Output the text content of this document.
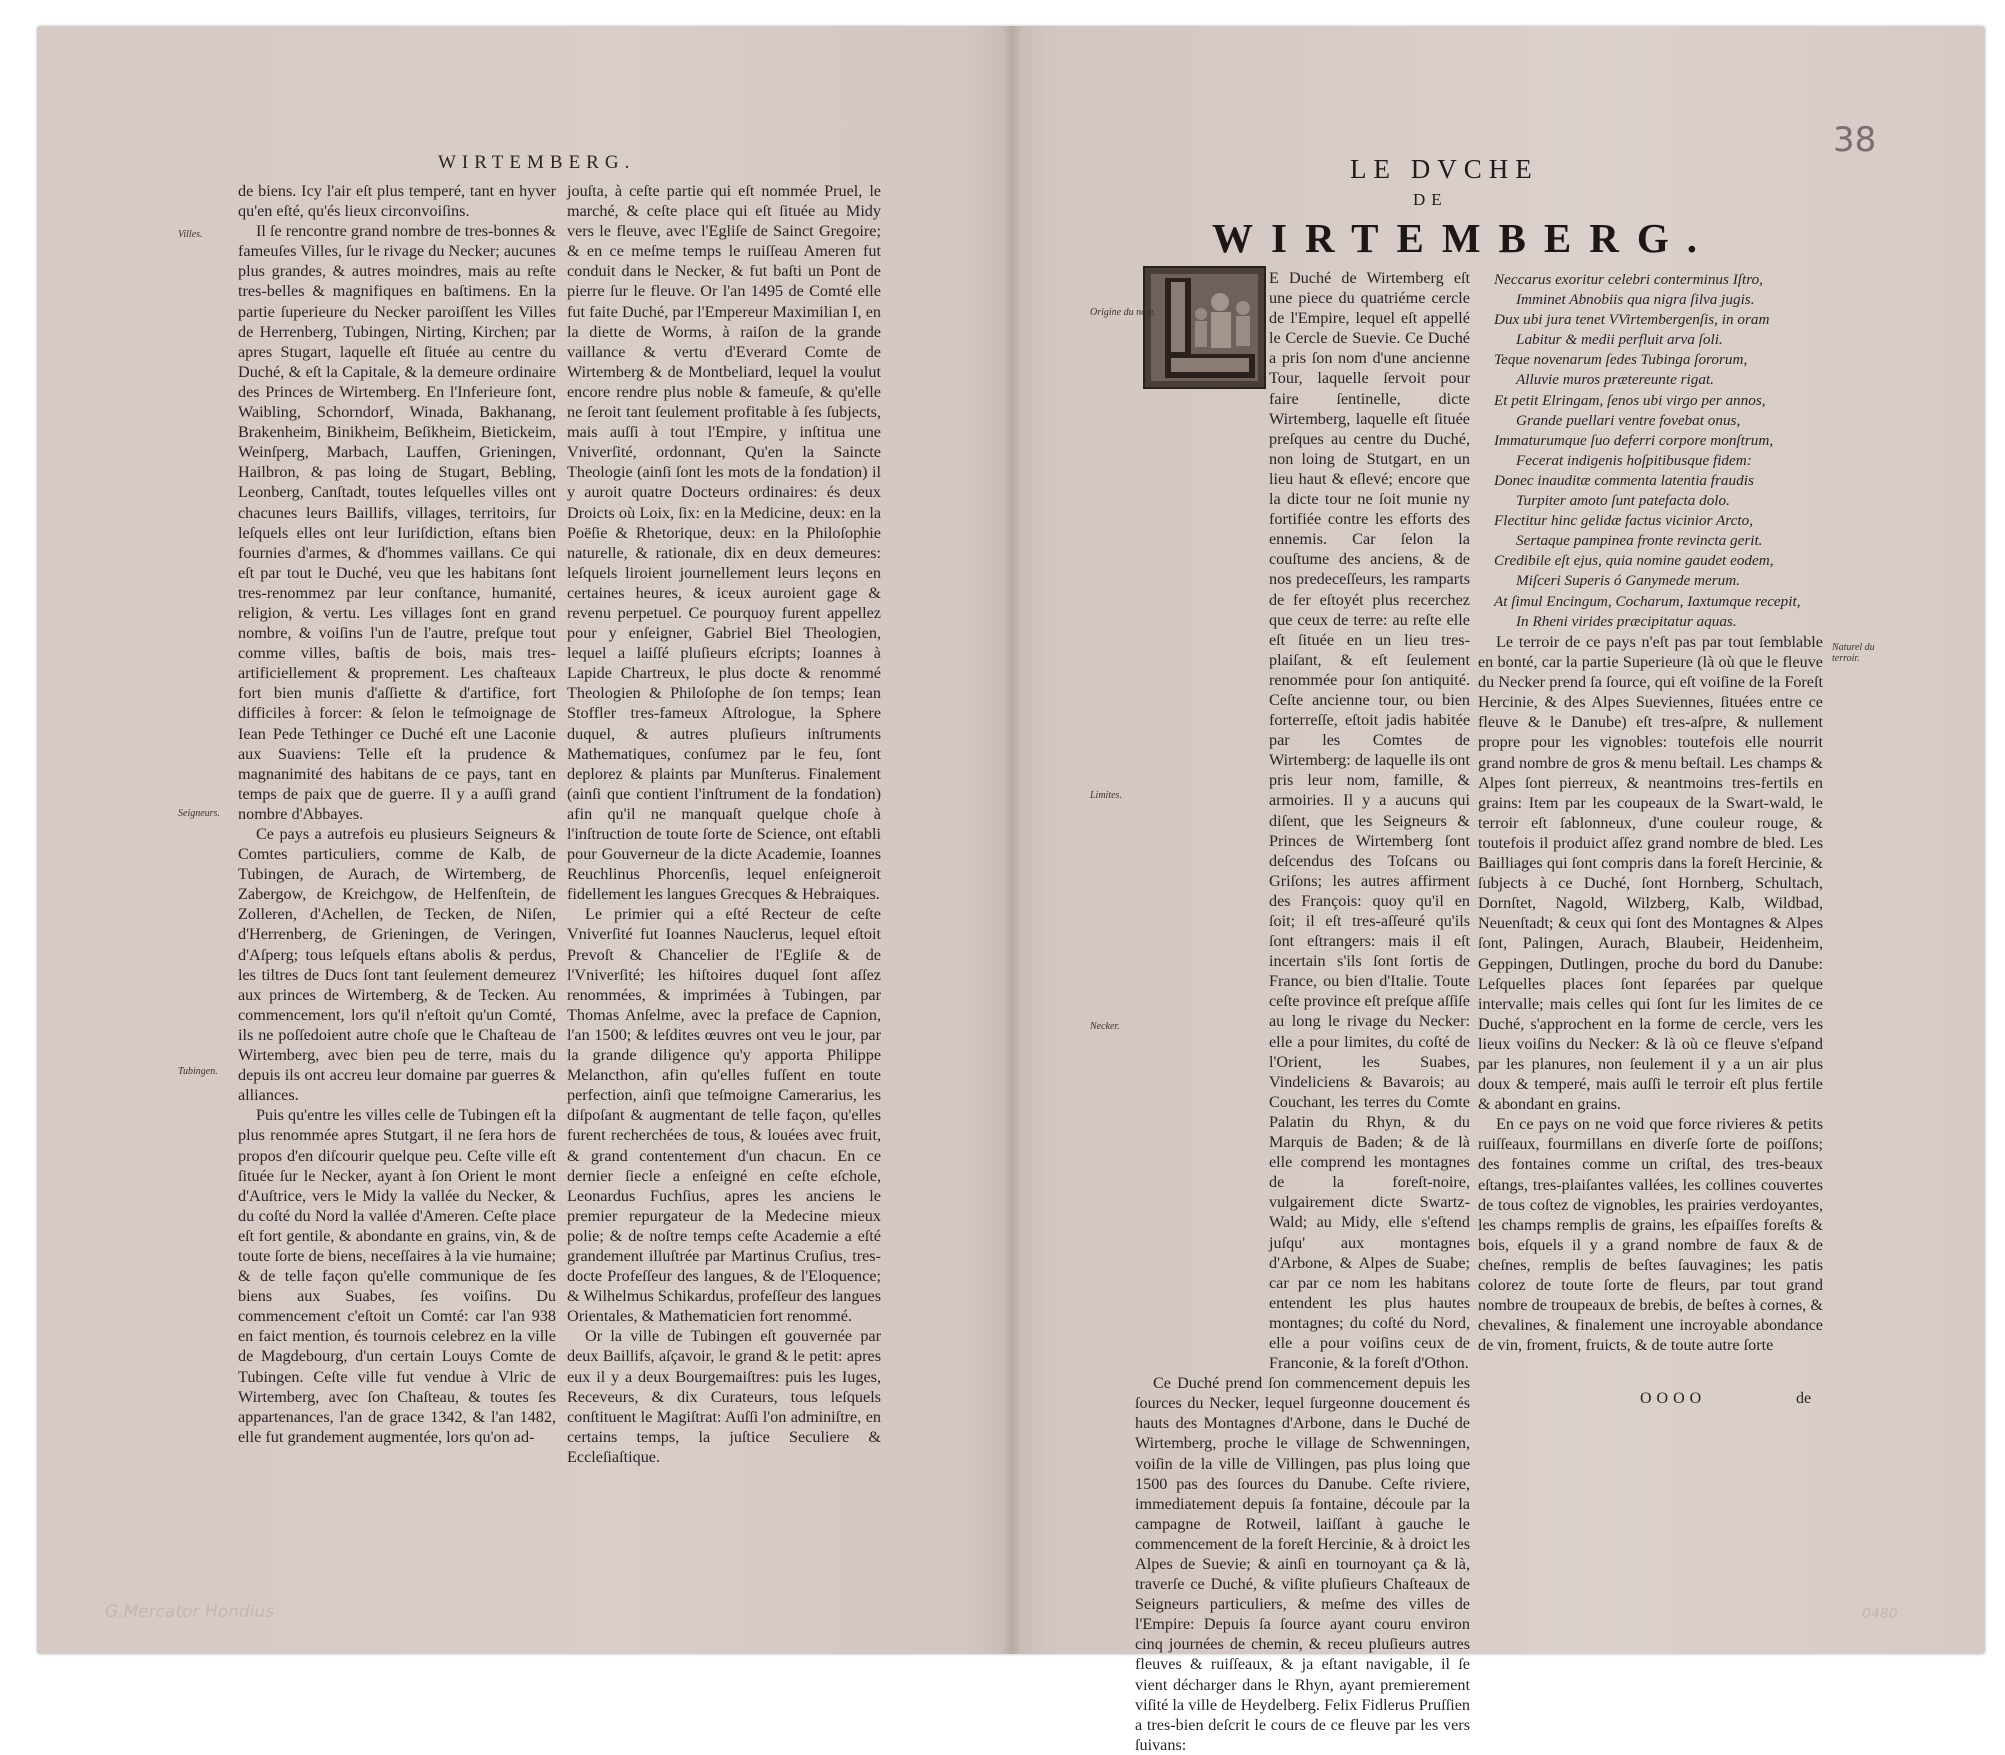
WIRTEMBERG.
Villes.
Seigneurs.
Tubingen.

de biens. Icy l'air eſt plus temperé, tant en hyver qu'en eſté, qu'és lieux circonvoiſins.

Il ſe rencontre grand nombre de tres-bonnes & fameuſes Villes, ſur le rivage du Necker; aucunes plus grandes, & autres moindres, mais au reſte tres-belles & magnifiques en baſtimens. En la partie ſuperieure du Necker paroiſſent les Villes de Herrenberg, Tubingen, Nirting, Kirchen; par apres Stugart, laquelle eſt ſituée au centre du Duché, & eſt la Capitale, & la demeure ordinaire des Princes de Wirtemberg. En l'Inferieure ſont, Waibling, Schorndorf, Winada, Bakhanang, Brakenheim, Binikheim, Beſikheim, Bietickeim, Weinſperg, Marbach, Lauffen, Grieningen, Hailbron, & pas loing de Stugart, Bebling, Leonberg, Canſtadt, toutes leſquelles villes ont chacunes leurs Baillifs, villages, territoirs, ſur leſquels elles ont leur Iuriſdiction, eſtans bien fournies d'armes, & d'hommes vaillans. Ce qui eſt par tout le Duché, veu que les habitans ſont tres-renommez par leur conſtance, humanité, religion, & vertu. Les villages ſont en grand nombre, & voiſins l'un de l'autre, preſque tout comme villes, baſtis de bois, mais tres-artificiellement & proprement. Les chaſteaux fort bien munis d'aſſiette & d'artifice, fort difficiles à forcer: & ſelon le teſmoignage de Iean Pede Tethinger ce Duché eſt une Laconie aux Suaviens: Telle eſt la prudence & magnanimité des habitans de ce pays, tant en temps de paix que de guerre. Il y a auſſi grand nombre d'Abbayes.

Ce pays a autrefois eu plusieurs Seigneurs & Comtes particuliers, comme de Kalb, de Tubingen, de Aurach, de Wirtemberg, de Zabergow, de Kreichgow, de Helfenſtein, de Zolleren, d'Achellen, de Tecken, de Niſen, d'Herrenberg, de Grieningen, de Veringen, d'Aſperg; tous leſquels eſtans abolis & perdus, les tiltres de Ducs ſont tant ſeulement demeurez aux princes de Wirtemberg, & de Tecken. Au commencement, lors qu'il n'eſtoit qu'un Comté, ils ne poſſedoient autre choſe que le Chaſteau de Wirtemberg, avec bien peu de terre, mais du depuis ils ont accreu leur domaine par guerres & alliances.

Puis qu'entre les villes celle de Tubingen eſt la plus renommée apres Stutgart, il ne ſera hors de propos d'en diſcourir quelque peu. Ceſte ville eſt ſituée ſur le Necker, ayant à ſon Orient le mont d'Auſtrice, vers le Midy la vallée du Necker, & du coſté du Nord la vallée d'Ameren. Ceſte place eſt fort gentile, & abondante en grains, vin, & de toute ſorte de biens, neceſſaires à la vie humaine; & de telle façon qu'elle communique de ſes biens aux Suabes, ſes voiſins. Du commencement c'eſtoit un Comté: car l'an 938 en faict mention, és tournois celebrez en la ville de Magdebourg, d'un certain Louys Comte de Tubingen. Ceſte ville fut vendue à Vlric de Wirtemberg, avec ſon Chaſteau, & toutes ſes appartenances, l'an de grace 1342, & l'an 1482, elle fut grandement augmentée, lors qu'on ad-

jouſta, à ceſte partie qui eſt nommée Pruel, le marché, & ceſte place qui eſt ſituée au Midy vers le fleuve, avec l'Egliſe de Sainct Gregoire; & en ce meſme temps le ruiſſeau Ameren fut conduit dans le Necker, & fut baſti un Pont de pierre ſur le fleuve. Or l'an 1495 de Comté elle fut faite Duché, par l'Empereur Maximilian I, en la diette de Worms, à raiſon de la grande vaillance & vertu d'Everard Comte de Wirtemberg & de Montbeliard, lequel la voulut encore rendre plus noble & fameuſe, & qu'elle ne ſeroit tant ſeulement profitable à ſes ſubjects, mais auſſi à tout l'Empire, y inſtitua une Vniverſité, ordonnant, Qu'en la Saincte Theologie (ainſi ſont les mots de la fondation) il y auroit quatre Docteurs ordinaires: és deux Droicts où Loix, ſix: en la Medicine, deux: en la Poëſie & Rhetorique, deux: en la Philoſophie naturelle, & rationale, dix en deux demeures: leſquels liroient journellement leurs leçons en certaines heures, & iceux auroient gage & revenu perpetuel. Ce pourquoy furent appellez pour y enſeigner, Gabriel Biel Theologien, lequel a laiſſé pluſieurs eſcripts; Ioannes à Lapide Chartreux, le plus docte & renommé Theologien & Philoſophe de ſon temps; Iean Stoffler tres-fameux Aſtrologue, la Sphere duquel, & autres pluſieurs inſtruments Mathematiques, conſumez par le feu, ſont deplorez & plaints par Munſterus. Finalement (ainſi que contient l'inſtrument de la fondation) afin qu'il ne manquaſt quelque choſe à l'inſtruction de toute ſorte de Science, ont eſtabli pour Gouverneur de la dicte Academie, Ioannes Reuchlinus Phorcenſis, lequel enſeigneroit fidellement les langues Grecques & Hebraiques.

Le primier qui a eſté Recteur de ceſte Vniverſité fut Ioannes Nauclerus, lequel eſtoit Prevoſt & Chancelier de l'Egliſe & de l'Vniverſité; les hiſtoires duquel ſont aſſez renommées, & imprimées à Tubingen, par Thomas Anſelme, avec la preface de Capnion, l'an 1500; & leſdites œuvres ont veu le jour, par la grande diligence qu'y apporta Philippe Melancthon, afin qu'elles fuſſent en toute perfection, ainſi que teſmoigne Camerarius, les diſpoſant & augmentant de telle façon, qu'elles furent recherchées de tous, & louées avec fruit, & grand contentement d'un chacun. En ce dernier ſiecle a enſeigné en ceſte eſchole, Leonardus Fuchſius, apres les anciens le premier repurgateur de la Medecine mieux polie; & de noſtre temps ceſte Academie a eſté grandement illuſtrée par Martinus Cruſius, tres-docte Profeſſeur des langues, & de l'Eloquence; & Wilhelmus Schikardus, profeſſeur des langues Orientales, & Mathematicien fort renommé.

Or la ville de Tubingen eſt gouvernée par deux Baillifs, aſçavoir, le grand & le petit: apres eux il y a deux Bourgemaiſtres: puis les Iuges, Receveurs, & dix Curateurs, tous leſquels conſtituent le Magiſtrat: Auſſi l'on adminiſtre, en certains temps, la juſtice Seculiere & Eccleſiaſtique.

38
LE DVCHE
DE
WIRTEMBERG.
Origine du nom.
Limites.
Necker.
Naturel du terroir.

E Duché de Wirtemberg eſt une piece du quatriéme cercle de l'Empire, lequel eſt appellé le Cercle de Suevie. Ce Duché a pris ſon nom d'une ancienne Tour, laquelle ſervoit pour faire ſentinelle, dicte Wirtemberg, laquelle eſt ſituée preſques au centre du Duché, non loing de Stutgart, en un lieu haut & eſlevé; encore que la dicte tour ne ſoit munie ny fortifiée contre les efforts des ennemis. Car ſelon la couſtume des anciens, & de nos predeceſſeurs, les ramparts de fer eſtoyét plus recerchez que ceux de terre: au reſte elle eſt ſituée en un lieu tres-plaiſant, & eſt ſeulement renommée pour ſon antiquité. Ceſte ancienne tour, ou bien forterreſſe, eſtoit jadis habitée par les Comtes de Wirtemberg: de laquelle ils ont pris leur nom, famille, & armoiries. Il y a aucuns qui diſent, que les Seigneurs & Princes de Wirtemberg ſont deſcendus des Toſcans ou Griſons; les autres affirment des François: quoy qu'il en ſoit; il eſt tres-aſſeuré qu'ils ſont eſtrangers: mais il eſt incertain s'ils ſont ſortis de France, ou bien d'Italie. Toute ceſte province eſt preſque aſſiſe au long le rivage du Necker: elle a pour limites, du coſté de l'Orient, les Suabes, Vindeliciens & Bavarois; au Couchant, les terres du Comte Palatin du Rhyn, & du Marquis de Baden; & de là elle comprend les montagnes de la foreſt-noire, vulgairement dicte Swartz-Wald; au Midy, elle s'eſtend juſqu' aux montagnes d'Arbone, & Alpes de Suabe; car par ce nom les habitans entendent les plus hautes montagnes; du coſté du Nord, elle a pour voiſins ceux de Franconie, & la foreſt d'Othon.

Ce Duché prend ſon commencement depuis les ſources du Necker, lequel ſurgeonne doucement és hauts des Montagnes d'Arbone, dans le Duché de Wirtemberg, proche le village de Schwenningen, voiſin de la ville de Villingen, pas plus loing que 1500 pas des ſources du Danube. Ceſte riviere, immediatement depuis ſa fontaine, découle par la campagne de Rotweil, laiſſant à gauche le commencement de la foreſt Hercinie, & à droict les Alpes de Suevie; & ainſi en tournoyant ça & là, traverſe ce Duché, & viſite pluſieurs Chaſteaux de Seigneurs particuliers, & meſme des villes de l'Empire: Depuis ſa ſource ayant couru environ cinq journées de chemin, & receu pluſieurs autres fleuves & ruiſſeaux, & ja eſtant navigable, il ſe vient décharger dans le Rhyn, ayant premierement viſité la ville de Heydelberg. Felix Fidlerus Pruſſien a tres-bien deſcrit le cours de ce fleuve par les vers ſuivans:

Neccarus exoritur celebri conterminus Iſtro,
Imminet Abnobiis qua nigra ſilva jugis.
Dux ubi jura tenet VVirtembergenſis, in oram
Labitur & medii perfluit arva ſoli.
Teque novenarum ſedes Tubinga ſororum,
Alluvie muros prætereunte rigat.
Et petit Elringam, ſenos ubi virgo per annos,
Grande puellari ventre fovebat onus,
Immaturumque ſuo deferri corpore monſtrum,
Fecerat indigenis hoſpitibusque fidem:
Donec inauditæ commenta latentia fraudis
Turpiter amoto ſunt patefacta dolo.
Flectitur hinc gelidæ factus vicinior Arcto,
Sertaque pampinea fronte revincta gerit.
Credibile eſt ejus, quia nomine gaudet eodem,
Miſceri Superis ó Ganymede merum.
At ſimul Encingum, Cocharum, Iaxtumque recepit,
In Rheni virides præcipitatur aquas.

Le terroir de ce pays n'eſt pas par tout ſemblable en bonté, car la partie Superieure (là où que le fleuve du Necker prend ſa ſource, qui eſt voiſine de la Foreſt Hercinie, & des Alpes Sueviennes, ſituées entre ce fleuve & le Danube) eſt tres-aſpre, & nullement propre pour les vignobles: toutefois elle nourrit grand nombre de gros & menu beſtail. Les champs & Alpes ſont pierreux, & neantmoins tres-fertils en grains: Item par les coupeaux de la Swart-wald, le terroir eſt ſablonneux, d'une couleur rouge, & toutefois il produict aſſez grand nombre de bled. Les Bailliages qui ſont compris dans la foreſt Hercinie, & ſubjects à ce Duché, ſont Hornberg, Schultach, Dornſtet, Nagold, Wilzberg, Kalb, Wildbad, Neuenſtadt; & ceux qui ſont des Montagnes & Alpes ſont, Palingen, Aurach, Blaubeir, Heidenheim, Geppingen, Dutlingen, proche du bord du Danube: Leſquelles places ſont ſeparées par quelque intervalle; mais celles qui ſont ſur les limites de ce Duché, s'approchent en la forme de cercle, vers les lieux voiſins du Necker: & là où ce fleuve s'eſpand par les planures, non ſeulement il y a un air plus doux & temperé, mais auſſi le terroir eſt plus fertile & abondant en grains.

En ce pays on ne void que force rivieres & petits ruiſſeaux, fourmillans en diverſe ſorte de poiſſons; des fontaines comme un criſtal, des tres-beaux eſtangs, tres-plaiſantes vallées, les collines couvertes de tous coſtez de vignobles, les prairies verdoyantes, les champs remplis de grains, les eſpaiſſes foreſts & bois, eſquels il y a grand nombre de faux & de cheſnes, remplis de beſtes ſauvagines; les patis colorez de toute ſorte de fleurs, par tout grand nombre de troupeaux de brebis, de beſtes à cornes, & chevalines, & finalement une incroyable abondance de vin, froment, fruicts, & de toute autre ſorte

OOOO	de
G.Mercator Hondius	0480
